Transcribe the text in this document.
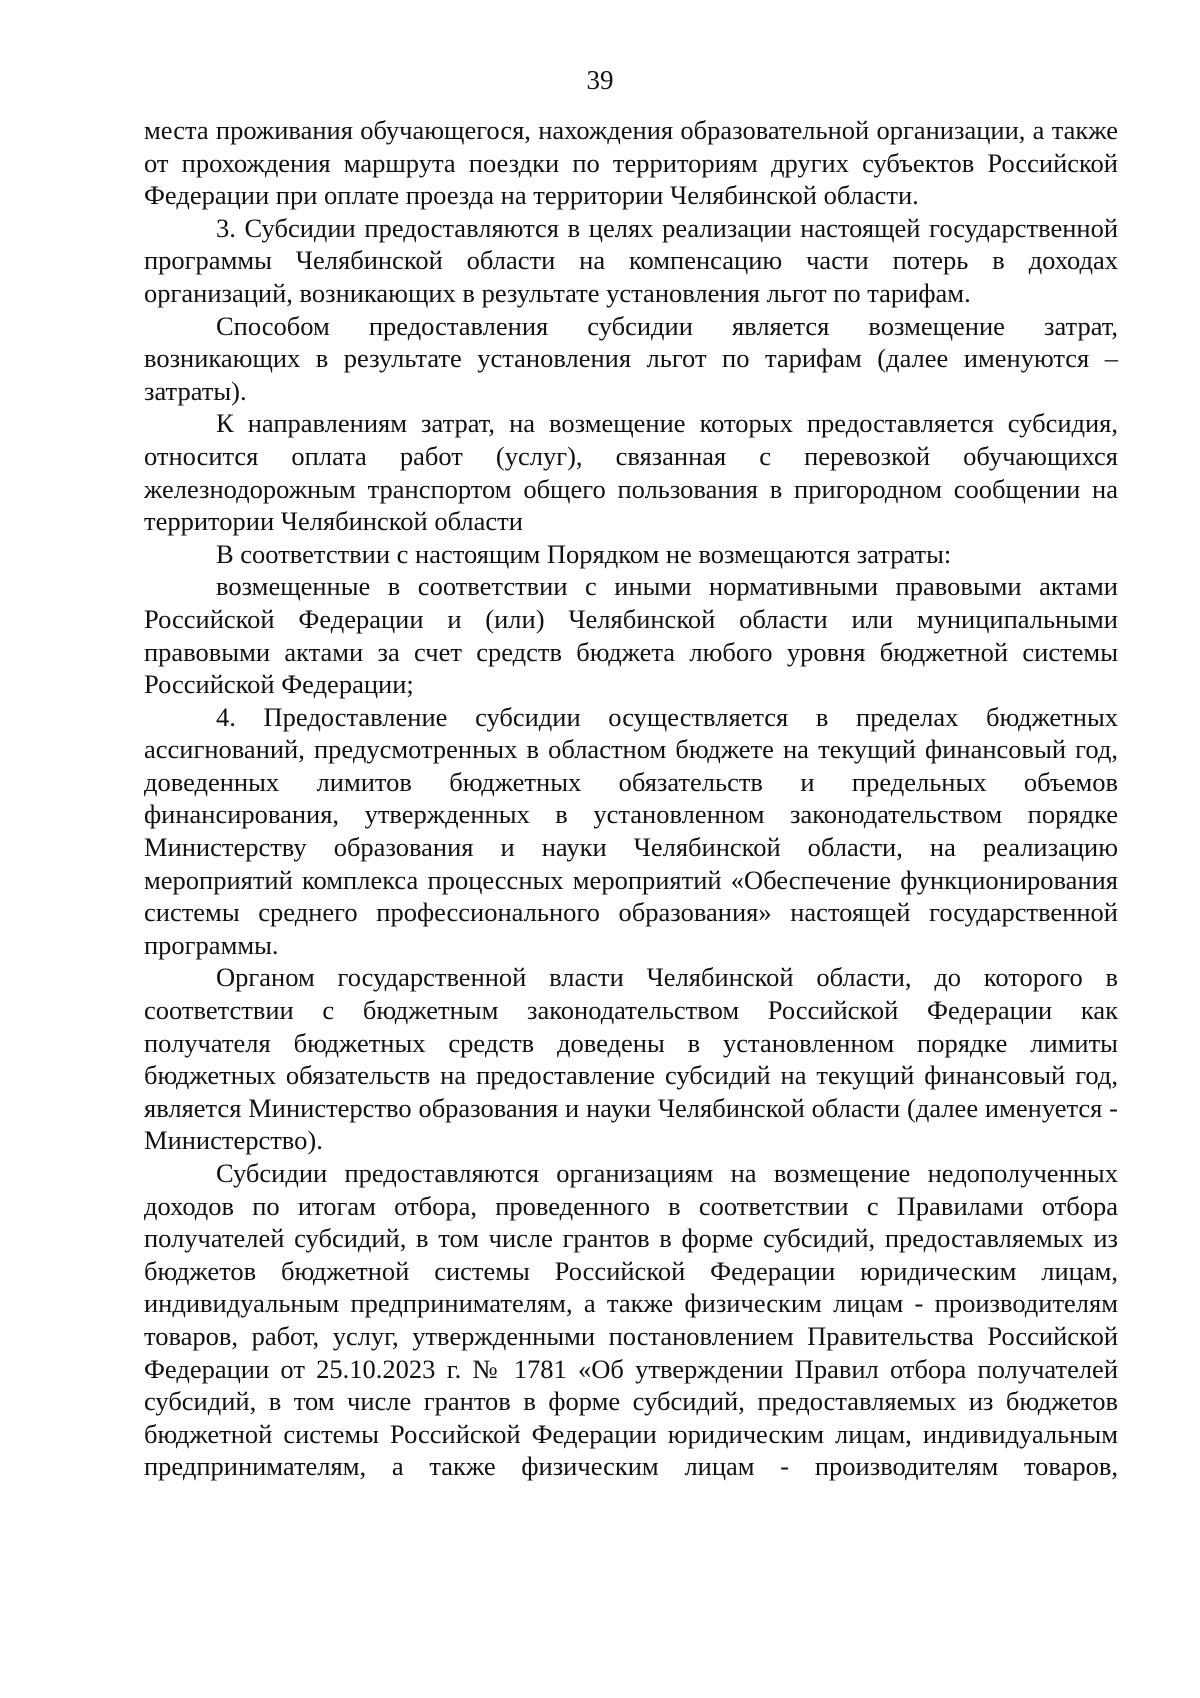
39

места проживания обучающегося, нахождения образовательной организации, а также от прохождения маршрута поездки по территориям других субъектов Российской Федерации при оплате проезда на территории Челябинской области.

3. Субсидии предоставляются в целях реализации настоящей государственной программы Челябинской области на компенсацию части потерь в доходах организаций, возникающих в результате установления льгот по тарифам.

Способом предоставления субсидии является возмещение затрат, возникающих в результате установления льгот по тарифам (далее именуются – затраты).

К направлениям затрат, на возмещение которых предоставляется субсидия, относится оплата работ (услуг), связанная с перевозкой обучающихся железнодорожным транспортом общего пользования в пригородном сообщении на территории Челябинской области

В соответствии с настоящим Порядком не возмещаются затраты:

возмещенные в соответствии с иными нормативными правовыми актами Российской Федерации и (или) Челябинской области или муниципальными правовыми актами за счет средств бюджета любого уровня бюджетной системы Российской Федерации;

4. Предоставление субсидии осуществляется в пределах бюджетных ассигнований, предусмотренных в областном бюджете на текущий финансовый год, доведенных лимитов бюджетных обязательств и предельных объемов финансирования, утвержденных в установленном законодательством порядке Министерству образования и науки Челябинской области, на реализацию мероприятий комплекса процессных мероприятий «Обеспечение функционирования системы среднего профессионального образования» настоящей государственной программы.

Органом государственной власти Челябинской области, до которого в соответствии с бюджетным законодательством Российской Федерации как получателя бюджетных средств доведены в установленном порядке лимиты бюджетных обязательств на предоставление субсидий на текущий финансовый год, является Министерство образования и науки Челябинской области (далее именуется - Министерство).

Субсидии предоставляются организациям на возмещение недополученных доходов по итогам отбора, проведенного в соответствии с Правилами отбора получателей субсидий, в том числе грантов в форме субсидий, предоставляемых из бюджетов бюджетной системы Российской Федерации юридическим лицам, индивидуальным предпринимателям, а также физическим лицам - производителям товаров, работ, услуг, утвержденными постановлением Правительства Российской Федерации от 25.10.2023 г. № 1781 «Об утверждении Правил отбора получателей субсидий, в том числе грантов в форме субсидий, предоставляемых из бюджетов бюджетной системы Российской Федерации юридическим лицам, индивидуальным предпринимателям, а также физическим лицам - производителям товаров,
